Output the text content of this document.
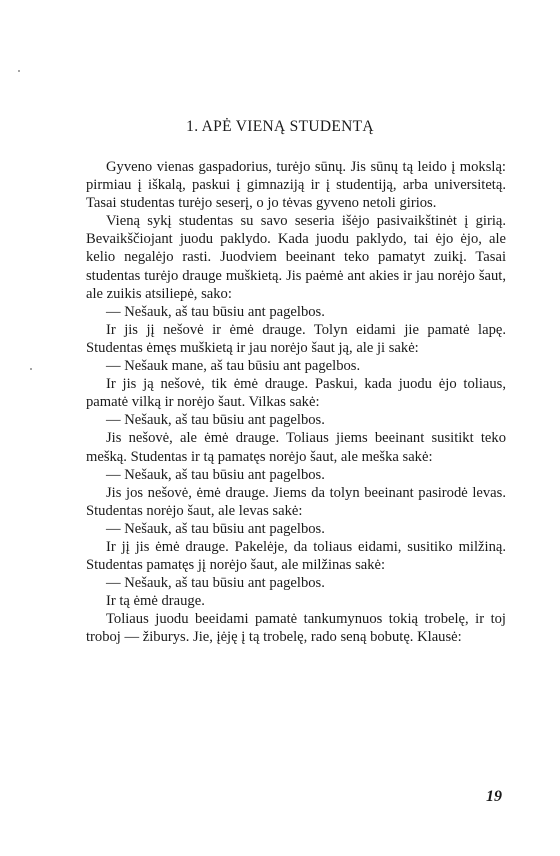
1. APĖ VIENĄ STUDENTĄ

Gyveno vienas gaspadorius, turėjo sūnų. Jis sūnų tą leido į mokslą: pirmiau į iškalą, paskui į gimnaziją ir į studentiją, arba universitetą. Tasai studentas turėjo seserį, o jo tėvas gyveno netoli girios.

Vieną sykį studentas su savo seseria išėjo pasivaikštinėt į girią. Bevaikščiojant juodu paklydo. Kada juodu paklydo, tai ėjo ėjo, ale kelio negalėjo rasti. Juodviem beeinant teko pamatyt zuikį. Tasai studentas turėjo drauge muškietą. Jis paėmė ant akies ir jau norėjo šaut, ale zuikis atsiliepė, sako:

— Nešauk, aš tau būsiu ant pagelbos.

Ir jis jį nešovė ir ėmė drauge. Tolyn eidami jie pamatė lapę. Studentas ėmęs muškietą ir jau norėjo šaut ją, ale ji sakė:

— Nešauk mane, aš tau būsiu ant pagelbos.

Ir jis ją nešovė, tik ėmė drauge. Paskui, kada juodu ėjo toliaus, pamatė vilką ir norėjo šaut. Vilkas sakė:

— Nešauk, aš tau būsiu ant pagelbos.

Jis nešovė, ale ėmė drauge. Toliaus jiems beeinant susitikt teko mešką. Studentas ir tą pamatęs norėjo šaut, ale meška sakė:

— Nešauk, aš tau būsiu ant pagelbos.

Jis jos nešovė, ėmė drauge. Jiems da tolyn beeinant pasirodė levas. Studentas norėjo šaut, ale levas sakė:

— Nešauk, aš tau būsiu ant pagelbos.

Ir jį jis ėmė drauge. Pakelėje, da toliaus eidami, susitiko milžiną. Studentas pamatęs jį norėjo šaut, ale milžinas sakė:

— Nešauk, aš tau būsiu ant pagelbos.

Ir tą ėmė drauge.

Toliaus juodu beeidami pamatė tankumynuos tokią trobelę, ir toj troboj — žiburys. Jie, įėję į tą trobelę, rado seną bobutę. Klausė:

19
